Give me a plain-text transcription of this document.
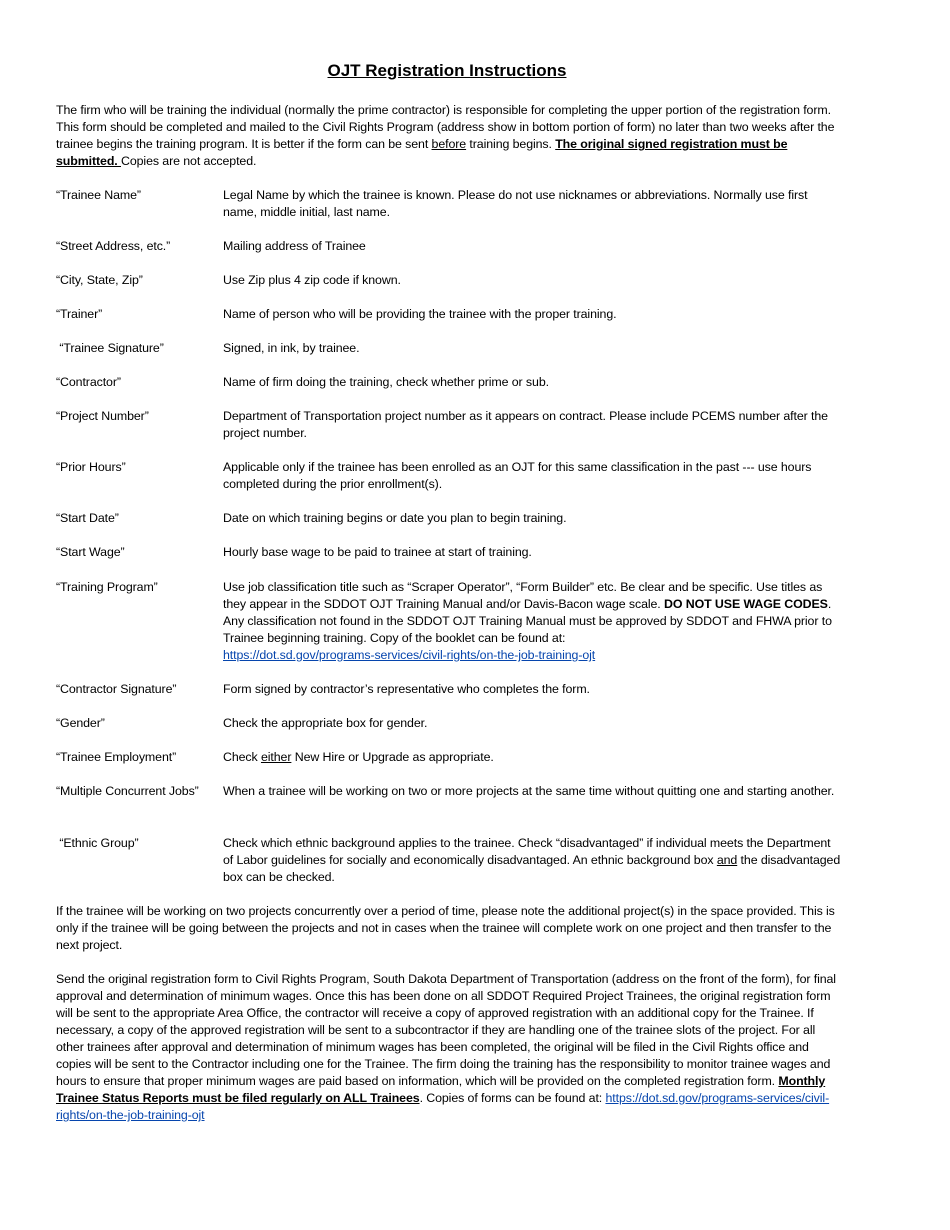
OJT Registration Instructions
The firm who will be training the individual (normally the prime contractor) is responsible for completing the upper portion of the registration form. This form should be completed and mailed to the Civil Rights Program (address show in bottom portion of form) no later than two weeks after the trainee begins the training program. It is better if the form can be sent before training begins. The original signed registration must be submitted. Copies are not accepted.
“Trainee Name”	Legal Name by which the trainee is known. Please do not use nicknames or abbreviations. Normally use first name, middle initial, last name.
“Street Address, etc.”	Mailing address of Trainee
“City, State, Zip”	Use Zip plus 4 zip code if known.
“Trainer”	Name of person who will be providing the trainee with the proper training.
“Trainee Signature”	Signed, in ink, by trainee.
“Contractor”	Name of firm doing the training, check whether prime or sub.
“Project Number”	Department of Transportation project number as it appears on contract. Please include PCEMS number after the project number.
“Prior Hours”	Applicable only if the trainee has been enrolled as an OJT for this same classification in the past --- use hours completed during the prior enrollment(s).
“Start Date”	Date on which training begins or date you plan to begin training.
“Start Wage”	Hourly base wage to be paid to trainee at start of training.
“Training Program”	Use job classification title such as “Scraper Operator”, “Form Builder” etc. Be clear and be specific. Use titles as they appear in the SDDOT OJT Training Manual and/or Davis-Bacon wage scale. DO NOT USE WAGE CODES. Any classification not found in the SDDOT OJT Training Manual must be approved by SDDOT and FHWA prior to Trainee beginning training. Copy of the booklet can be found at:
https://dot.sd.gov/programs-services/civil-rights/on-the-job-training-ojt
“Contractor Signature”	Form signed by contractor’s representative who completes the form.
“Gender”	Check the appropriate box for gender.
“Trainee Employment”	Check either New Hire or Upgrade as appropriate.
“Multiple Concurrent Jobs”	When a trainee will be working on two or more projects at the same time without quitting one and starting another.
“Ethnic Group”	Check which ethnic background applies to the trainee. Check “disadvantaged” if individual meets the Department of Labor guidelines for socially and economically disadvantaged. An ethnic background box and the disadvantaged box can be checked.
If the trainee will be working on two projects concurrently over a period of time, please note the additional project(s) in the space provided. This is only if the trainee will be going between the projects and not in cases when the trainee will complete work on one project and then transfer to the next project.
Send the original registration form to Civil Rights Program, South Dakota Department of Transportation (address on the front of the form), for final approval and determination of minimum wages. Once this has been done on all SDDOT Required Project Trainees, the original registration form will be sent to the appropriate Area Office, the contractor will receive a copy of approved registration with an additional copy for the Trainee. If necessary, a copy of the approved registration will be sent to a subcontractor if they are handling one of the trainee slots of the project. For all other trainees after approval and determination of minimum wages has been completed, the original will be filed in the Civil Rights office and copies will be sent to the Contractor including one for the Trainee. The firm doing the training has the responsibility to monitor trainee wages and hours to ensure that proper minimum wages are paid based on information, which will be provided on the completed registration form. Monthly Trainee Status Reports must be filed regularly on ALL Trainees. Copies of forms can be found at: https://dot.sd.gov/programs-services/civil-rights/on-the-job-training-ojt
